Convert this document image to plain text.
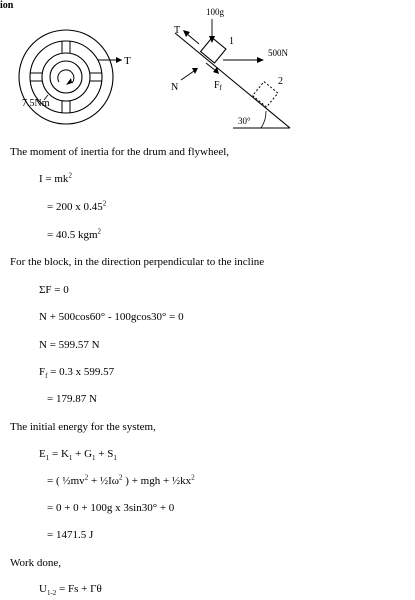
ion
T
7.5Nm
30°
100g
T
1
2
500N
N	$F_f$
The moment of inertia for the drum and flywheel,
$I = mk^2$
= 200 x $0.45^2$
= 40.5 kgm$^2$
For the block, in the direction perpendicular to the incline
ΣF = 0
N + 500cos60° - 100gcos30° = 0
N = 599.57 N
$F_f = 0.3$ x 599.57
= 179.87 N
The initial energy for the system,
$E_1 = K_1 + G_1 + S_1$
= ( $\frac{1}{2}mv^2$ + $\frac{1}{2}I\omega^2$ ) + mgh + $\frac{1}{2}kx^2$
= 0 + 0 + 100g x 3sin30° + 0
= 1471.5 J
Work done,
$U_{1-2} = Fs + \Gamma\theta$
